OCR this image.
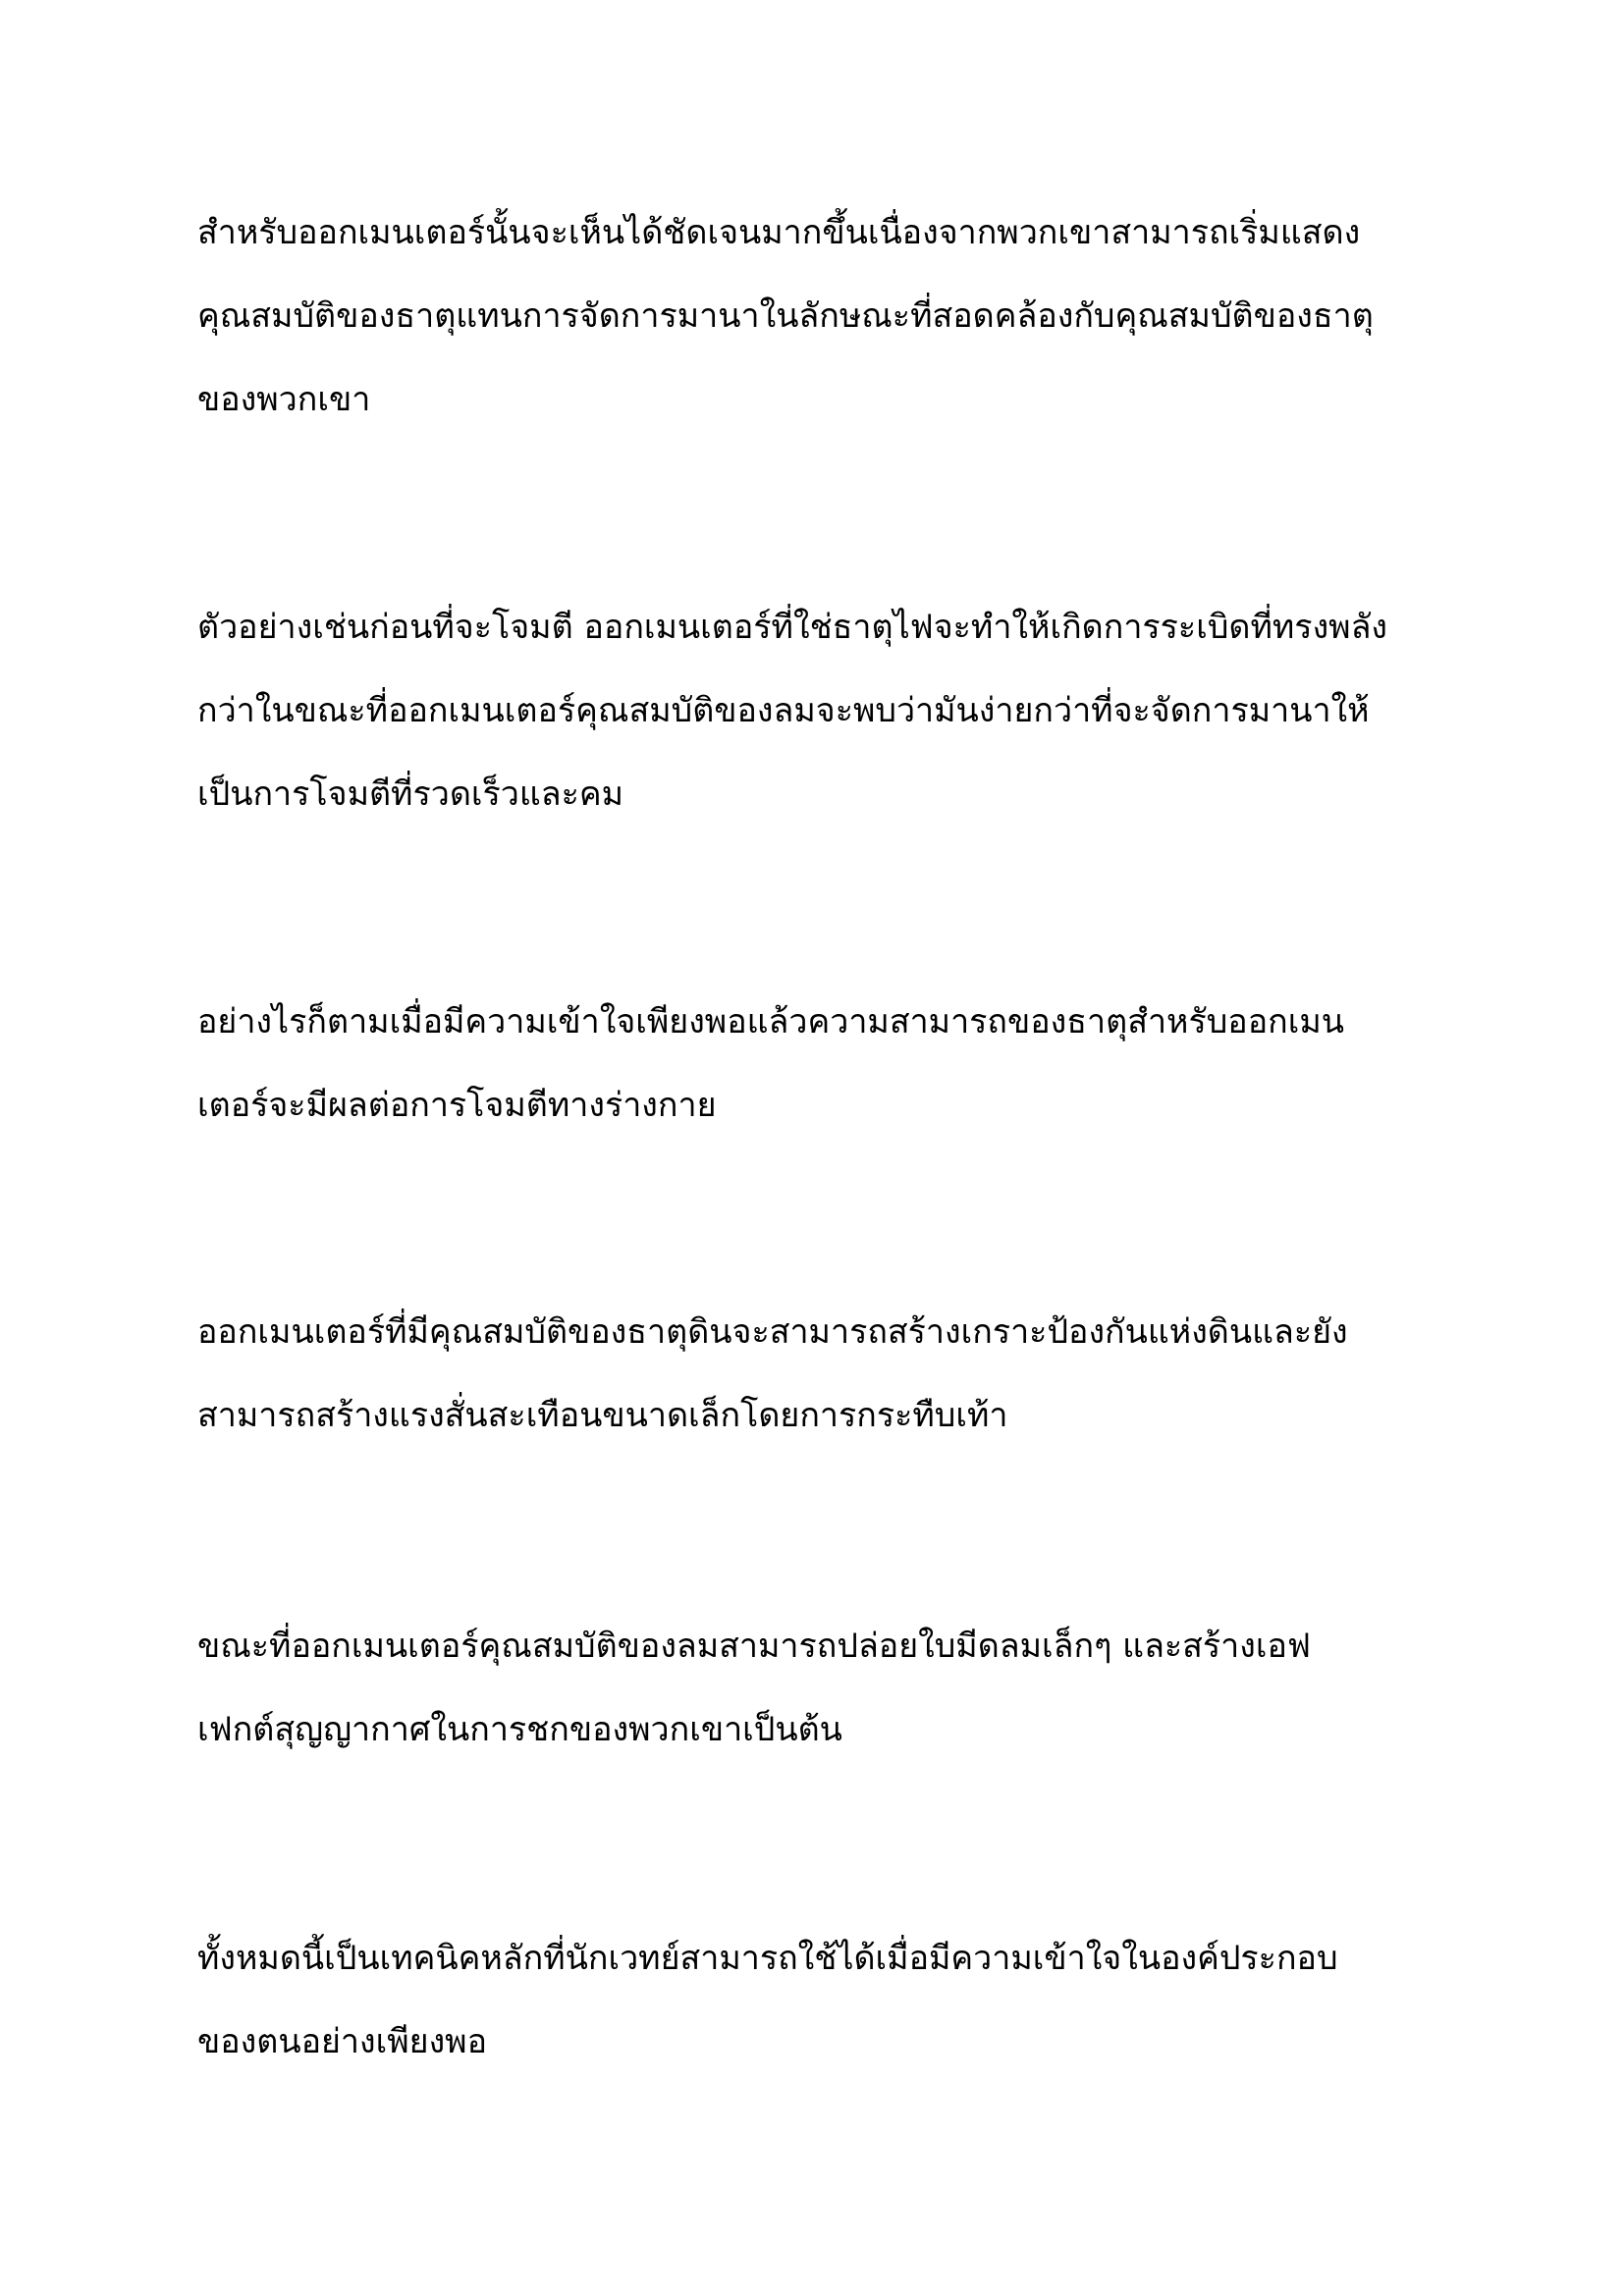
สำหรับออกเมนเตอร์นั้นจะเห็นได้ชัดเจนมากขึ้นเนื่องจากพวกเขาสามารถเริ่มแสดง
คุณสมบัติของธาตุแทนการจัดการมานาในลักษณะที่สอดคล้องกับคุณสมบัติของธาตุ
ของพวกเขา

ตัวอย่างเช่นก่อนที่จะโจมตี ออกเมนเตอร์ที่ใช่ธาตุไฟจะทำให้เกิดการระเบิดที่ทรงพลัง
กว่าในขณะที่ออกเมนเตอร์คุณสมบัติของลมจะพบว่ามันง่ายกว่าที่จะจัดการมานาให้
เป็นการโจมตีที่รวดเร็วและคม

อย่างไรก็ตามเมื่อมีความเข้าใจเพียงพอแล้วความสามารถของธาตุสำหรับออกเมน
เตอร์จะมีผลต่อการโจมตีทางร่างกาย

ออกเมนเตอร์ที่มีคุณสมบัติของธาตุดินจะสามารถสร้างเกราะป้องกันแห่งดินและยัง
สามารถสร้างแรงสั่นสะเทือนขนาดเล็กโดยการกระทืบเท้า

ขณะที่ออกเมนเตอร์คุณสมบัติของลมสามารถปล่อยใบมีดลมเล็กๆ และสร้างเอฟ
เฟกต์สุญญากาศในการชกของพวกเขาเป็นต้น

ทั้งหมดนี้เป็นเทคนิคหลักที่นักเวทย์สามารถใช้ได้เมื่อมีความเข้าใจในองค์ประกอบ
ของตนอย่างเพียงพอ
